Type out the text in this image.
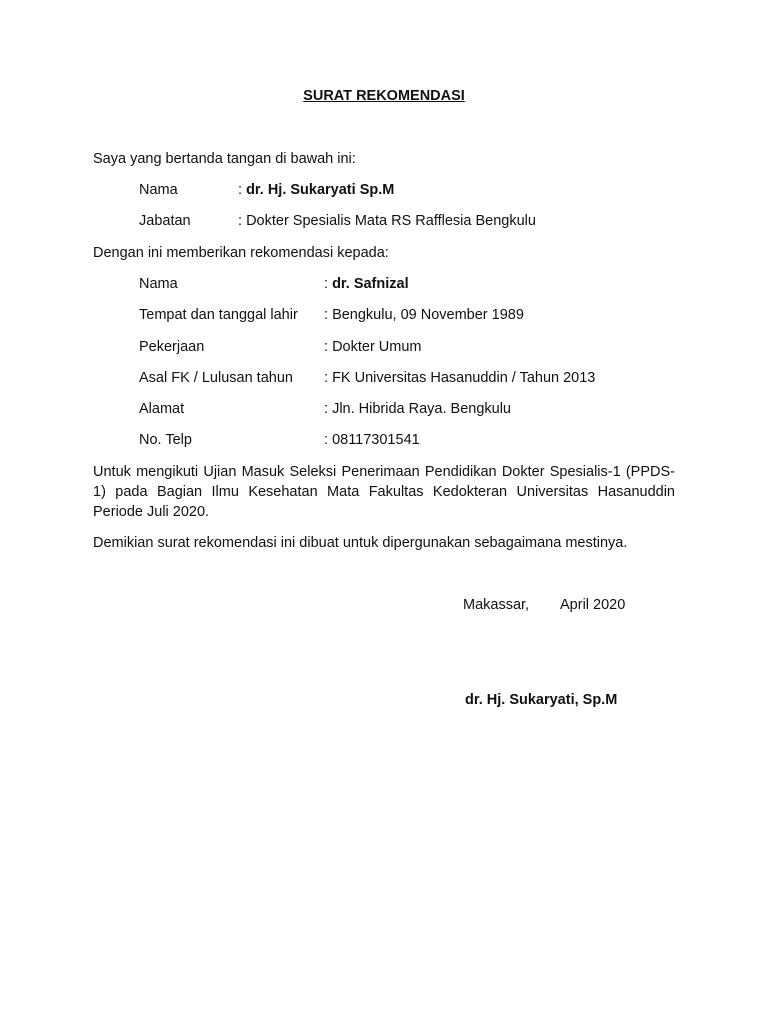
SURAT REKOMENDASI
Saya yang bertanda tangan di bawah ini:
Nama	: dr. Hj. Sukaryati Sp.M
Jabatan	: Dokter Spesialis Mata RS Rafflesia Bengkulu
Dengan ini memberikan rekomendasi kepada:
Nama	: dr. Safnizal
Tempat dan tanggal lahir : Bengkulu, 09 November 1989
Pekerjaan	: Dokter Umum
Asal FK / Lulusan tahun : FK Universitas Hasanuddin / Tahun 2013
Alamat	: Jln. Hibrida Raya. Bengkulu
No. Telp	: 08117301541
Untuk mengikuti Ujian Masuk Seleksi Penerimaan Pendidikan Dokter Spesialis-1 (PPDS-1) pada Bagian Ilmu Kesehatan Mata Fakultas Kedokteran Universitas Hasanuddin Periode Juli 2020.
Demikian surat rekomendasi ini dibuat untuk dipergunakan sebagaimana mestinya.
Makassar, April 2020
dr. Hj. Sukaryati, Sp.M
